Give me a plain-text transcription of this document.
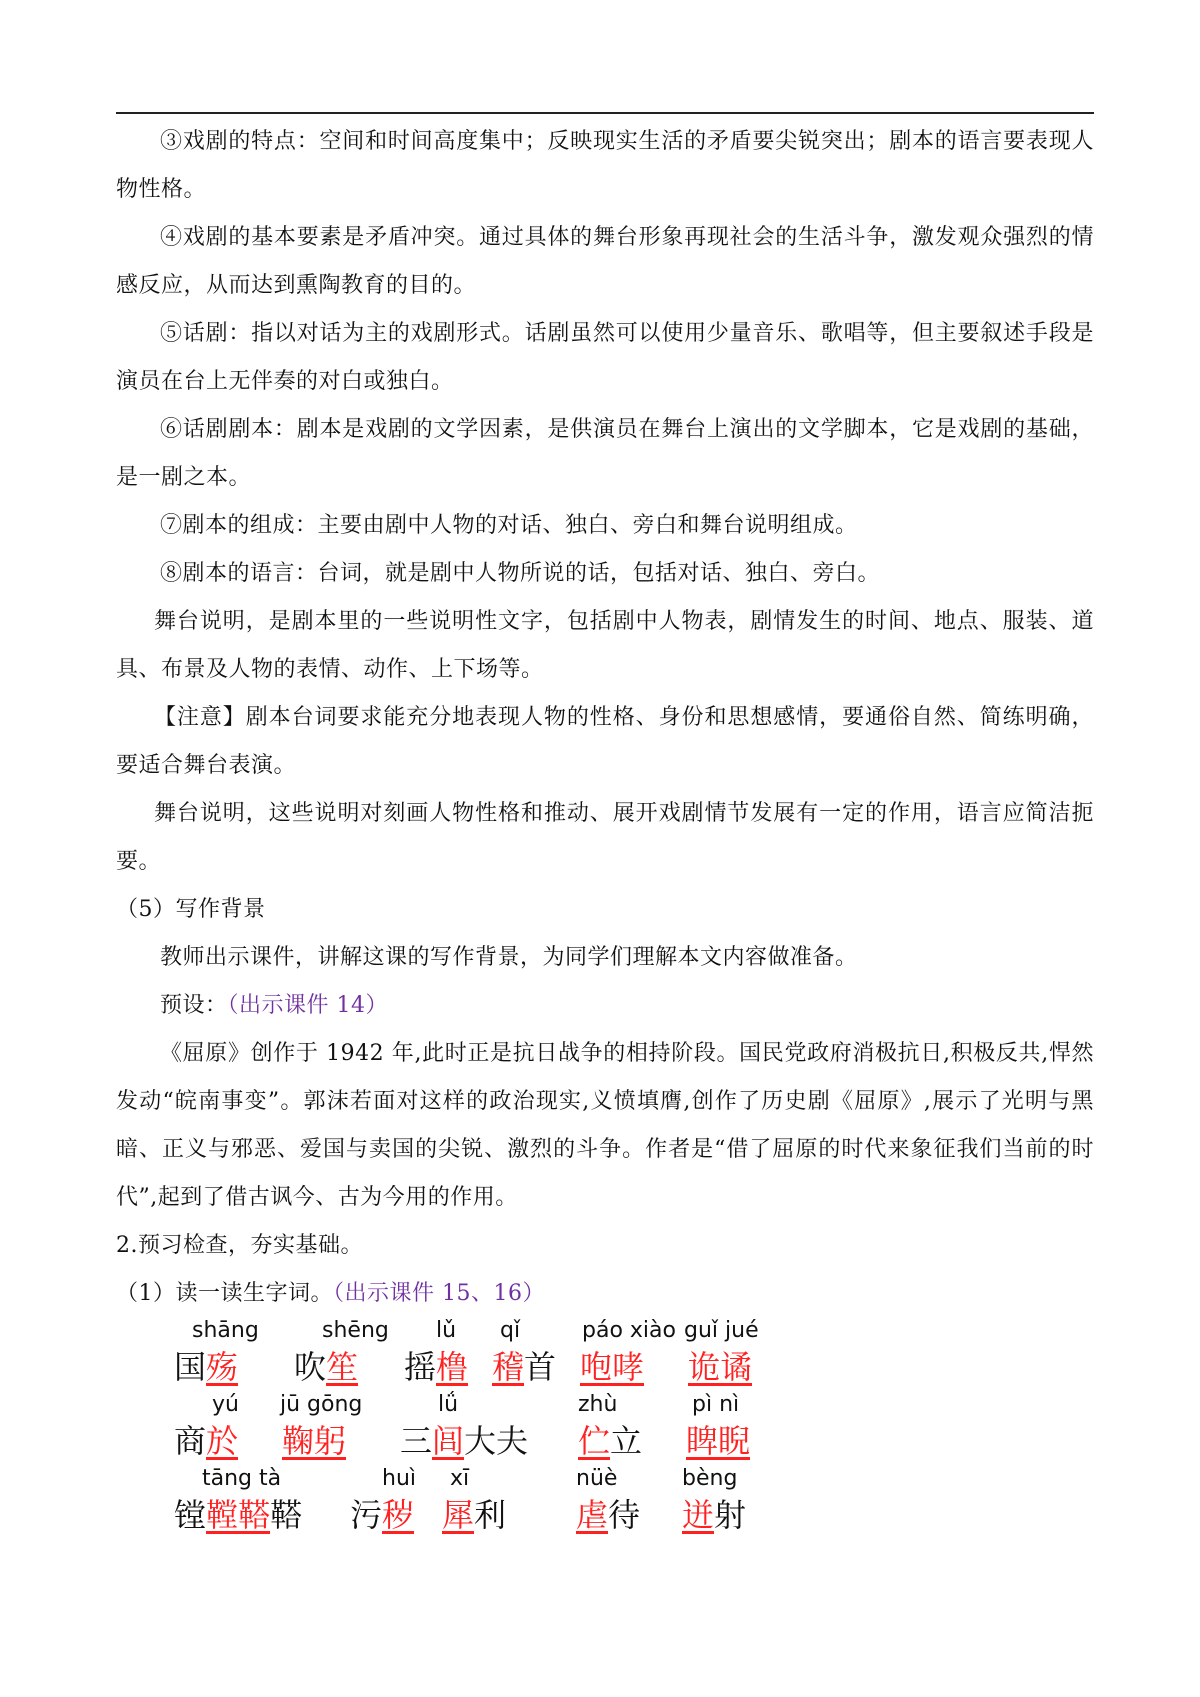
③戏剧的特点：空间和时间高度集中；反映现实生活的矛盾要尖锐突出；剧本的语言要表现人物性格。

④戏剧的基本要素是矛盾冲突。通过具体的舞台形象再现社会的生活斗争，激发观众强烈的情感反应，从而达到熏陶教育的目的。

⑤话剧：指以对话为主的戏剧形式。话剧虽然可以使用少量音乐、歌唱等，但主要叙述手段是演员在台上无伴奏的对白或独白。

⑥话剧剧本：剧本是戏剧的文学因素，是供演员在舞台上演出的文学脚本，它是戏剧的基础，是一剧之本。

⑦剧本的组成：主要由剧中人物的对话、独白、旁白和舞台说明组成。

⑧剧本的语言：台词，就是剧中人物所说的话，包括对话、独白、旁白。

舞台说明，是剧本里的一些说明性文字，包括剧中人物表，剧情发生的时间、地点、服装、道具、布景及人物的表情、动作、上下场等。

【注意】剧本台词要求能充分地表现人物的性格、身份和思想感情，要通俗自然、简练明确，要适合舞台表演。

舞台说明，这些说明对刻画人物性格和推动、展开戏剧情节发展有一定的作用，语言应简洁扼要。

（5）写作背景

教师出示课件，讲解这课的写作背景，为同学们理解本文内容做准备。

预设：（出示课件 14）

《屈原》创作于 1942 年,此时正是抗日战争的相持阶段。国民党政府消极抗日,积极反共,悍然发动“皖南事变”。郭沫若面对这样的政治现实,义愤填膺,创作了历史剧《屈原》,展示了光明与黑暗、正义与邪恶、爱国与卖国的尖锐、激烈的斗争。作者是“借了屈原的时代来象征我们当前的时代”,起到了借古讽今、古为今用的作用。

2.预习检查，夯实基础。

（1）读一读生字词。（出示课件 15、16）

shāng
国殇
shēng
吹笙
lǔ
摇橹
qǐ
稽首
páo xiào
咆哮
guǐ jué
诡谲
yú
商於
jū gōng
鞠躬
lǘ
三闾大夫
zhù
伫立
pì nì
睥睨
tāng tà
镗鞺鞳鞳
huì
污秽
xī
犀利
nüè
虐待
bèng
迸射
